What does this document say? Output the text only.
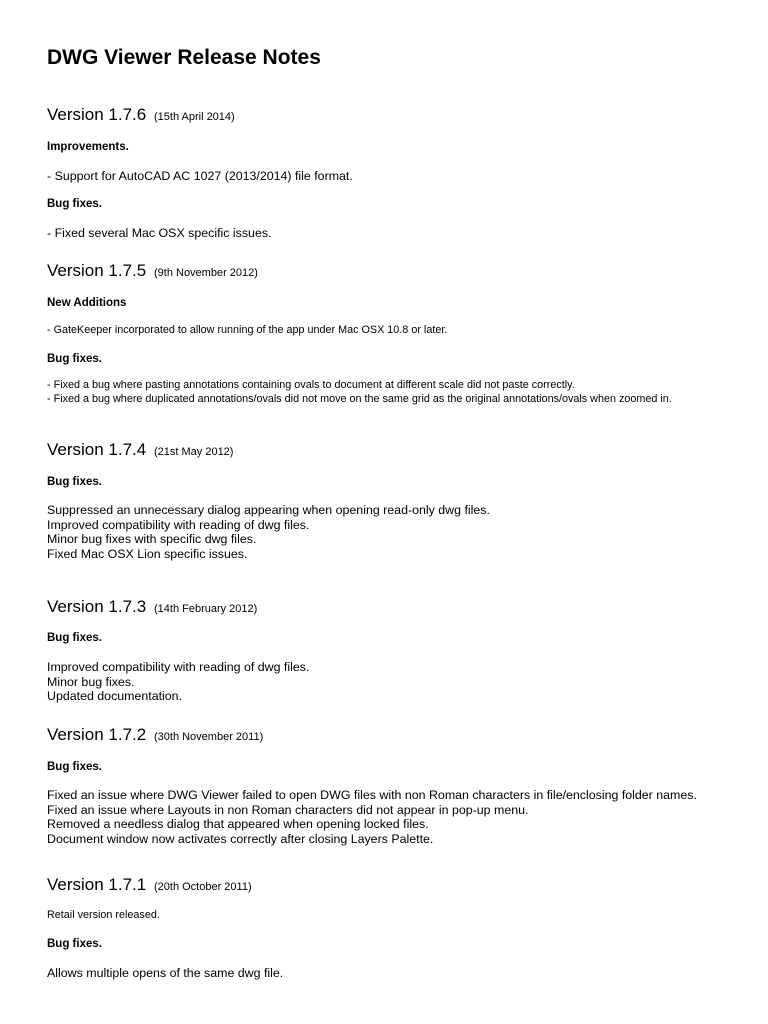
DWG Viewer Release Notes
Version 1.7.6 (15th April 2014)
Improvements.
- Support for AutoCAD AC 1027 (2013/2014) file format.
Bug fixes.
- Fixed several Mac OSX specific issues.
Version 1.7.5 (9th November 2012)
New Additions
- GateKeeper incorporated to allow running of the app under Mac OSX 10.8 or later.
Bug fixes.
- Fixed a bug where pasting annotations containing ovals to document at different scale did not paste correctly.
- Fixed a bug where duplicated annotations/ovals did not move on the same grid as the original annotations/ovals when zoomed in.
Version 1.7.4 (21st May 2012)
Bug fixes.
Suppressed an unnecessary dialog appearing when opening read-only dwg files.
Improved compatibility with reading of dwg files.
Minor bug fixes with specific dwg files.
Fixed Mac OSX Lion specific issues.
Version 1.7.3 (14th February 2012)
Bug fixes.
Improved compatibility with reading of dwg files.
Minor bug fixes.
Updated documentation.
Version 1.7.2 (30th November 2011)
Bug fixes.
Fixed an issue where DWG Viewer failed to open DWG files with non Roman characters in file/enclosing folder names.
Fixed an issue where Layouts in non Roman characters did not appear in pop-up menu.
Removed a needless dialog that appeared when opening locked files.
Document window now activates correctly after closing Layers Palette.
Version 1.7.1 (20th October 2011)

Retail version released.

Bug fixes.
Allows multiple opens of the same dwg file.
